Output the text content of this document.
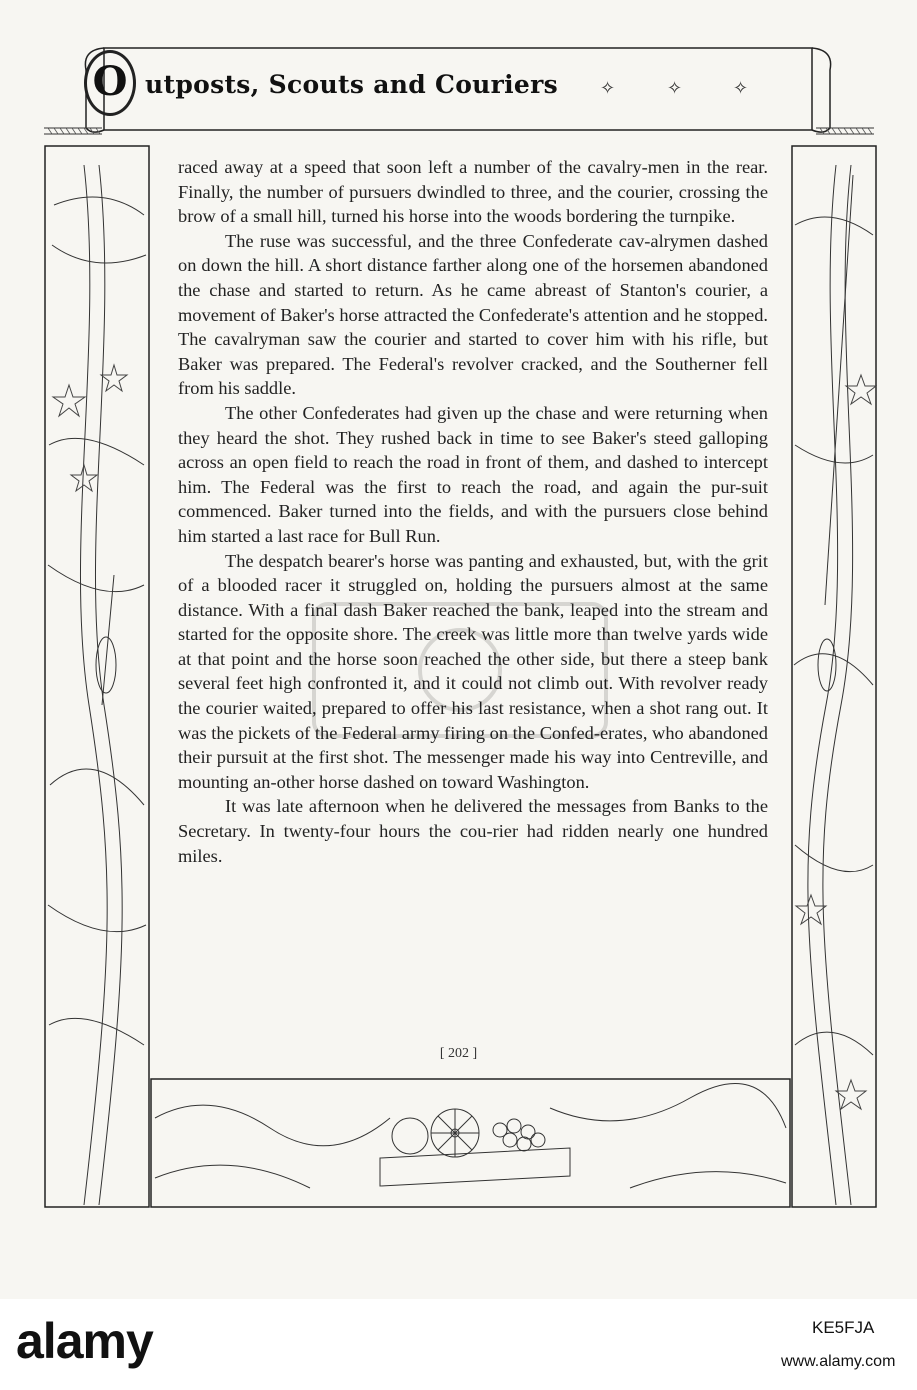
O utposts, Scouts and Couriers ✧	✧	✧

raced away at a speed that soon left a number of the cavalry-men in the rear. Finally, the number of pursuers dwindled to three, and the courier, crossing the brow of a small hill, turned his horse into the woods bordering the turnpike.

The ruse was successful, and the three Confederate cav-alrymen dashed on down the hill. A short distance farther along one of the horsemen abandoned the chase and started to return. As he came abreast of Stanton's courier, a movement of Baker's horse attracted the Confederate's attention and he stopped. The cavalryman saw the courier and started to cover him with his rifle, but Baker was prepared. The Federal's revolver cracked, and the Southerner fell from his saddle.

The other Confederates had given up the chase and were returning when they heard the shot. They rushed back in time to see Baker's steed galloping across an open field to reach the road in front of them, and dashed to intercept him. The Federal was the first to reach the road, and again the pur-suit commenced. Baker turned into the fields, and with the pursuers close behind him started a last race for Bull Run.

The despatch bearer's horse was panting and exhausted, but, with the grit of a blooded racer it struggled on, holding the pursuers almost at the same distance. With a final dash Baker reached the bank, leaped into the stream and started for the opposite shore. The creek was little more than twelve yards wide at that point and the horse soon reached the other side, but there a steep bank several feet high confronted it, and it could not climb out. With revolver ready the courier waited, prepared to offer his last resistance, when a shot rang out. It was the pickets of the Federal army firing on the Confed-erates, who abandoned their pursuit at the first shot. The messenger made his way into Centreville, and mounting an-other horse dashed on toward Washington.

It was late afternoon when he delivered the messages from Banks to the Secretary. In twenty-four hours the cou-rier had ridden nearly one hundred miles.

[ 202 ]
alamy	KE5FJA
www.alamy.com
